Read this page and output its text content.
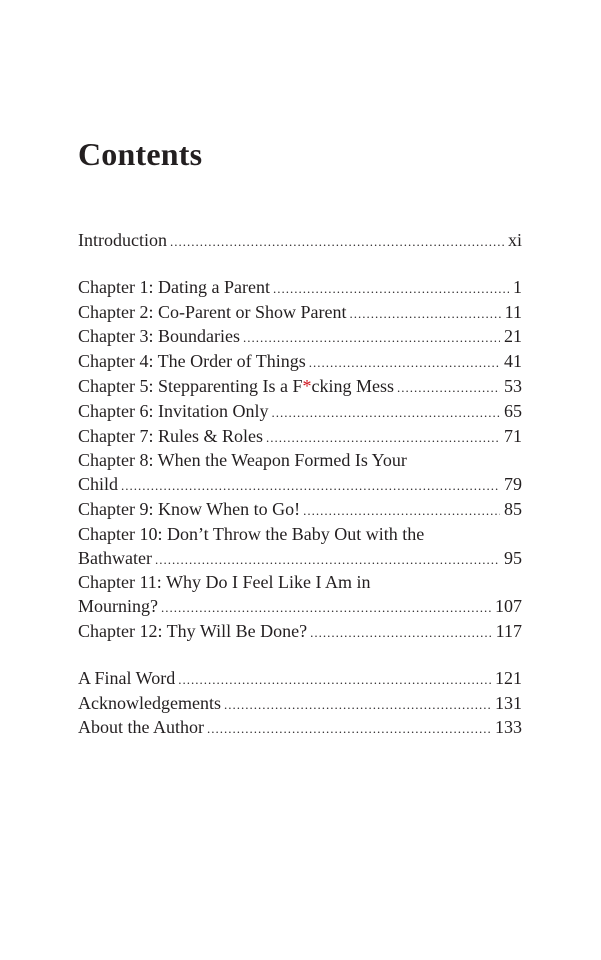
Contents
Introduction .....	xi
Chapter 1: Dating a Parent .....	1
Chapter 2: Co-Parent or Show Parent .....	11
Chapter 3: Boundaries .....	21
Chapter 4: The Order of Things .....	41
Chapter 5: Stepparenting Is a F*cking Mess .....	53
Chapter 6: Invitation Only .....	65
Chapter 7: Rules & Roles .....	71
Chapter 8: When the Weapon Formed Is Your
Child .....	79
Chapter 9: Know When to Go! .....	85
Chapter 10: Don’t Throw the Baby Out with the
Bathwater .....	95
Chapter 11: Why Do I Feel Like I Am in
Mourning? .....	107
Chapter 12: Thy Will Be Done? .....	117
A Final Word .....	121
Acknowledgements .....	131
About the Author .....	133
